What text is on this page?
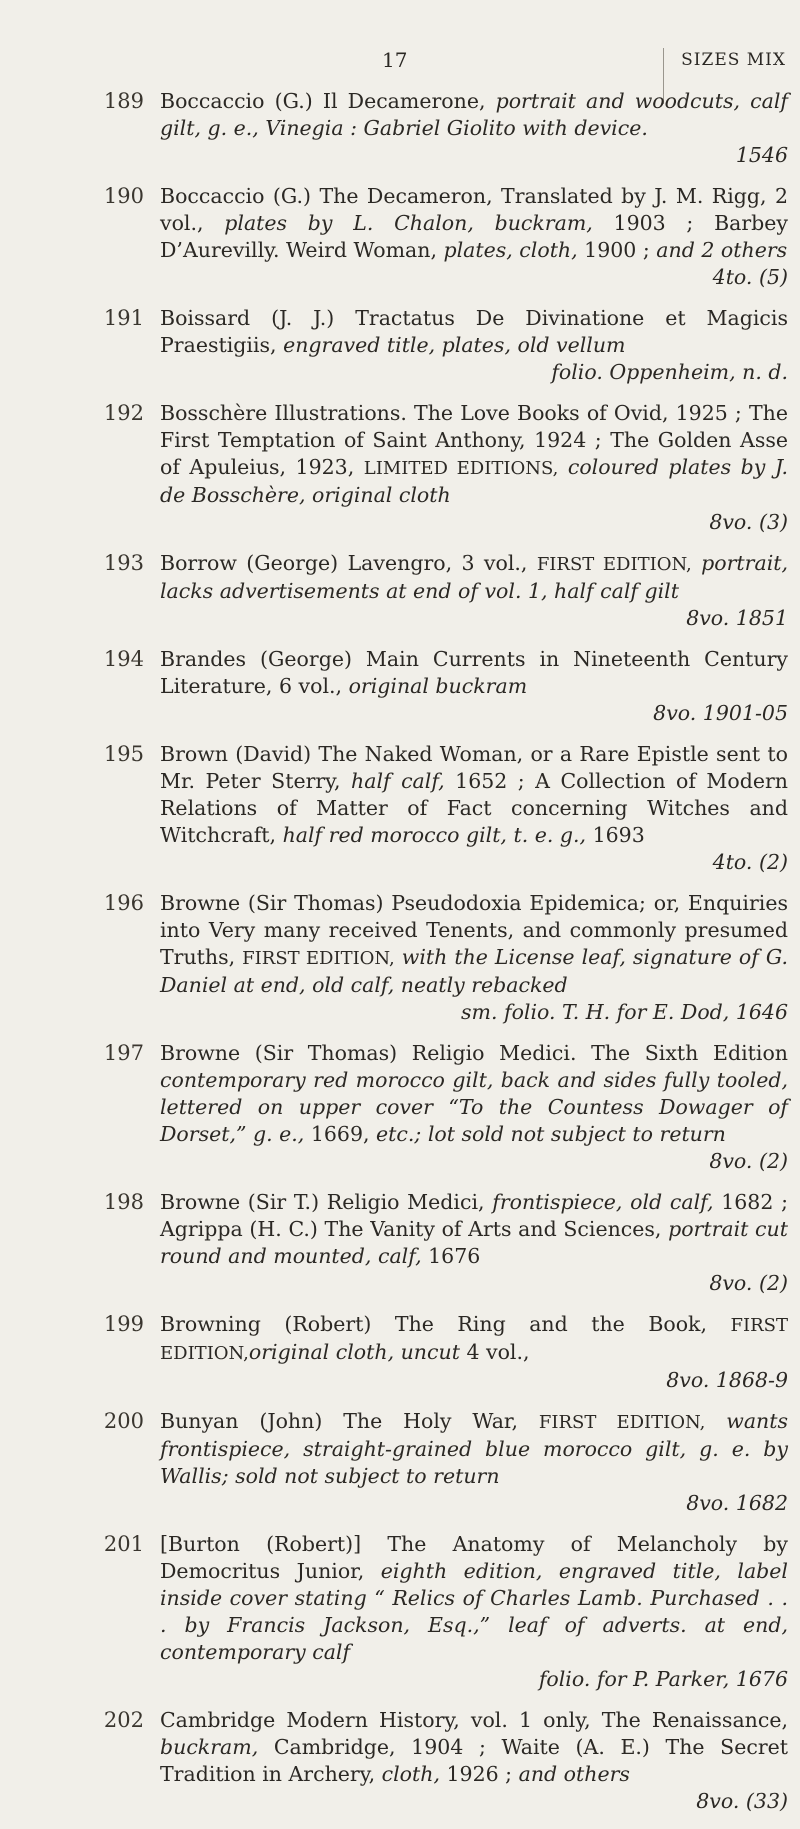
17	SIZES MIX
189 Boccaccio (G.) Il Decamerone, portrait and woodcuts, calf gilt, g. e., Vinegia : Gabriel Giolito with device.
1546
190 Boccaccio (G.) The Decameron, Translated by J. M. Rigg, 2 vol., plates by L. Chalon, buckram, 1903 ; Barbey D’Aurevilly. Weird Woman, plates, cloth, 1900 ; and 2 others
4to. (5)
191 Boissard (J. J.) Tractatus De Divinatione et Magicis Praestigiis, engraved title, plates, old vellum
folio. Oppenheim, n. d.
192 Bosschère Illustrations. The Love Books of Ovid, 1925 ; The First Temptation of Saint Anthony, 1924 ; The Golden Asse of Apuleius, 1923, LIMITED EDITIONS, coloured plates by J. de Bosschère, original cloth
8vo. (3)
193 Borrow (George) Lavengro, 3 vol., FIRST EDITION, portrait, lacks advertisements at end of vol. 1, half calf gilt
8vo. 1851
194 Brandes (George) Main Currents in Nineteenth Century Literature, 6 vol., original buckram
8vo. 1901-05
195 Brown (David) The Naked Woman, or a Rare Epistle sent to Mr. Peter Sterry, half calf, 1652 ; A Collection of Modern Relations of Matter of Fact concerning Witches and Witchcraft, half red morocco gilt, t. e. g., 1693
4to. (2)
196 Browne (Sir Thomas) Pseudodoxia Epidemica; or, Enquiries into Very many received Tenents, and commonly presumed Truths, FIRST EDITION, with the License leaf, signature of G. Daniel at end, old calf, neatly rebacked
sm. folio. T. H. for E. Dod, 1646
197 Browne (Sir Thomas) Religio Medici. The Sixth Edition contemporary red morocco gilt, back and sides fully tooled, lettered on upper cover “To the Countess Dowager of Dorset,” g. e., 1669, etc.; lot sold not subject to return
8vo. (2)
198 Browne (Sir T.) Religio Medici, frontispiece, old calf, 1682 ; Agrippa (H. C.) The Vanity of Arts and Sciences, portrait cut round and mounted, calf, 1676
8vo. (2)
199 Browning (Robert) The Ring and the Book, FIRST EDITION,original cloth, uncut 4 vol.,
8vo. 1868-9
200 Bunyan (John) The Holy War, FIRST EDITION, wants frontispiece, straight-grained blue morocco gilt, g. e. by Wallis; sold not subject to return
8vo. 1682
201 [Burton (Robert)] The Anatomy of Melancholy by Democritus Junior, eighth edition, engraved title, label inside cover stating “ Relics of Charles Lamb. Purchased . . . by Francis Jackson, Esq.,” leaf of adverts. at end, contemporary calf
folio. for P. Parker, 1676
202 Cambridge Modern History, vol. 1 only, The Renaissance, buckram, Cambridge, 1904 ; Waite (A. E.) The Secret Tradition in Archery, cloth, 1926 ; and others
8vo. (33)
